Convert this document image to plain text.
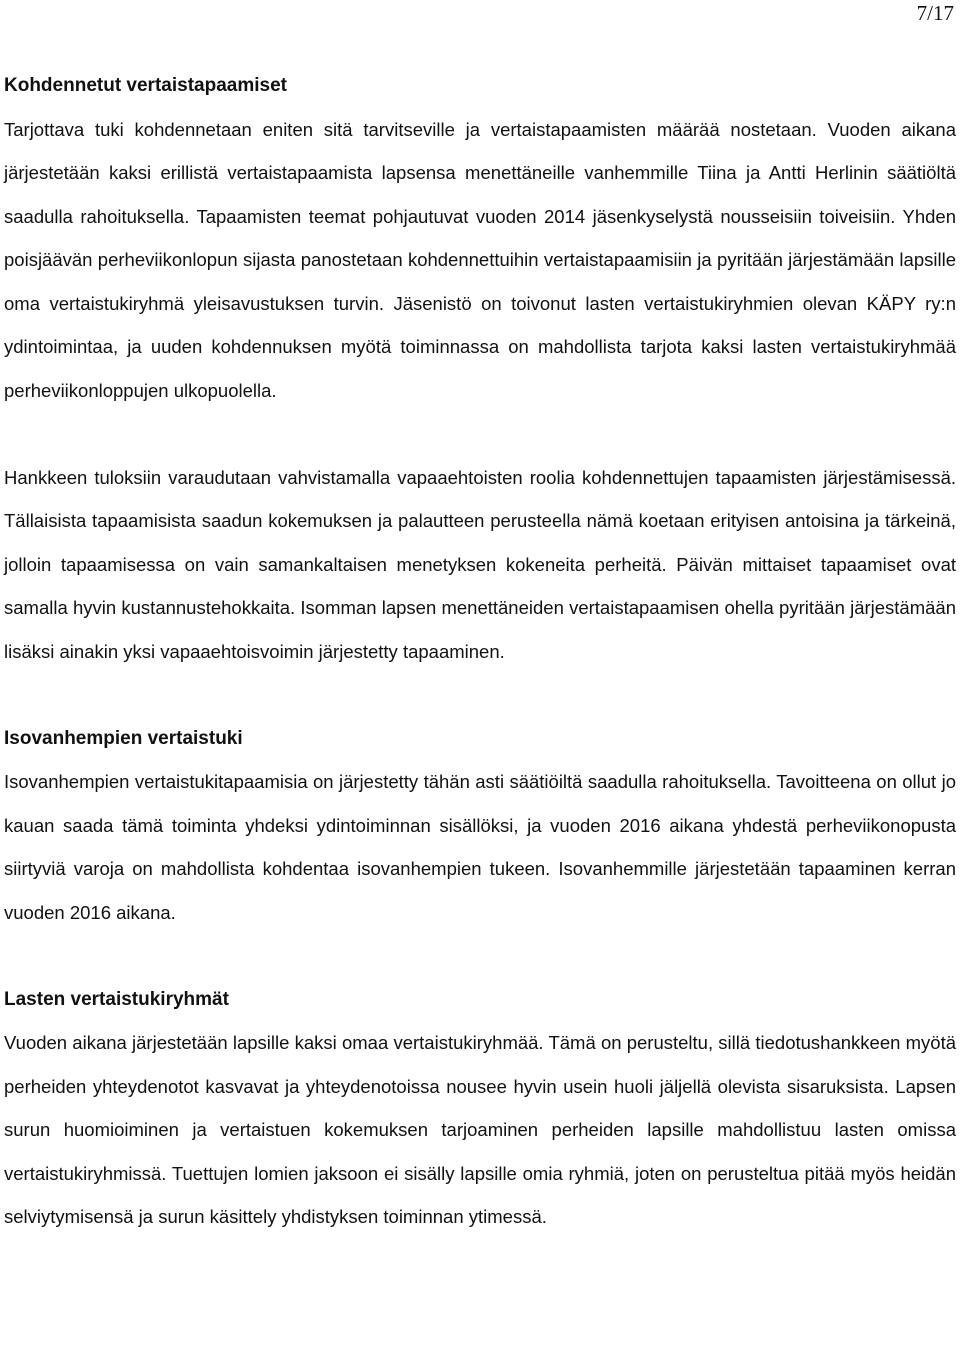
7/17
Kohdennetut vertaistapaamiset

Tarjottava tuki kohdennetaan eniten sitä tarvitseville ja vertaistapaamisten määrää nostetaan. Vuoden aikana järjestetään kaksi erillistä vertaistapaamista lapsensa menettäneille vanhemmille Tiina ja Antti Herlinin säätiöltä saadulla rahoituksella. Tapaamisten teemat pohjautuvat vuoden 2014 jäsenkyselystä nousseisiin toiveisiin. Yhden poisjäävän perheviikonlopun sijasta panostetaan kohdennettuihin vertaistapaamisiin ja pyritään järjestämään lapsille oma vertaistukiryhmä yleisavustuksen turvin. Jäsenistö on toivonut lasten vertaistukiryhmien olevan KÄPY ry:n ydintoimintaa, ja uuden kohdennuksen myötä toiminnassa on mahdollista tarjota kaksi lasten vertaistukiryhmää perheviikonloppujen ulkopuolella.

Hankkeen tuloksiin varaudutaan vahvistamalla vapaaehtoisten roolia kohdennettujen tapaamisten järjestämisessä. Tällaisista tapaamisista saadun kokemuksen ja palautteen perusteella nämä koetaan erityisen antoisina ja tärkeinä, jolloin tapaamisessa on vain samankaltaisen menetyksen kokeneita perheitä. Päivän mittaiset tapaamiset ovat samalla hyvin kustannustehokkaita. Isomman lapsen menettäneiden vertaistapaamisen ohella pyritään järjestämään lisäksi ainakin yksi vapaaehtoisvoimin järjestetty tapaaminen.

Isovanhempien vertaistuki

Isovanhempien vertaistukitapaamisia on järjestetty tähän asti säätiöiltä saadulla rahoituksella. Tavoitteena on ollut jo kauan saada tämä toiminta yhdeksi ydintoiminnan sisällöksi, ja vuoden 2016 aikana yhdestä perheviikonopusta siirtyviä varoja on mahdollista kohdentaa isovanhempien tukeen. Isovanhemmille järjestetään tapaaminen kerran vuoden 2016 aikana.

Lasten vertaistukiryhmät

Vuoden aikana järjestetään lapsille kaksi omaa vertaistukiryhmää. Tämä on perusteltu, sillä tiedotushankkeen myötä perheiden yhteydenotot kasvavat ja yhteydenotoissa nousee hyvin usein huoli jäljellä olevista sisaruksista. Lapsen surun huomioiminen ja vertaistuen kokemuksen tarjoaminen perheiden lapsille mahdollistuu lasten omissa vertaistukiryhmissä. Tuettujen lomien jaksoon ei sisälly lapsille omia ryhmiä, joten on perusteltua pitää myös heidän selviytymisensä ja surun käsittely yhdistyksen toiminnan ytimessä.
